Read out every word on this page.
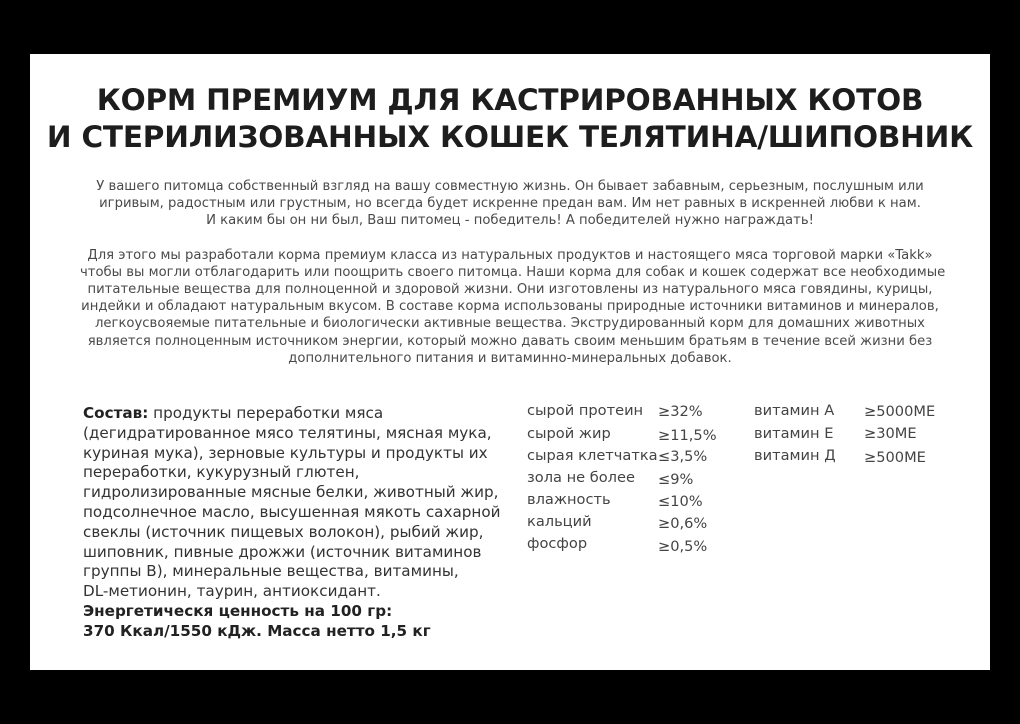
КОРМ ПРЕМИУМ ДЛЯ КАСТРИРОВАННЫХ КОТОВ
И СТЕРИЛИЗОВАННЫХ КОШЕК ТЕЛЯТИНА/ШИПОВНИК
У вашего питомца собственный взгляд на вашу совместную жизнь. Он бывает забавным, серьезным, послушным или
игривым, радостным или грустным, но всегда будет искренне предан вам. Им нет равных в искренней любви к нам.
И каким бы он ни был, Ваш питомец - победитель! А победителей нужно награждать!
Для этого мы разработали корма премиум класса из натуральных продуктов и настоящего мяса торговой марки «Takk»
чтобы вы могли отблагодарить или поощрить своего питомца. Наши корма для собак и кошек содержат все необходимые
питательные вещества для полноценной и здоровой жизни. Они изготовлены из натурального мяса говядины, курицы,
индейки и обладают натуральным вкусом. В составе корма использованы природные источники витаминов и минералов,
легкоусвояемые питательные и биологически активные вещества. Экструдированный корм для домашних животных
является полноценным источником энергии, который можно давать своим меньшим братьям в течение всей жизни без
дополнительного питания и витаминно-минеральных добавок.
Состав: продукты переработки мяса
(дегидратированное мясо телятины, мясная мука,
куриная мука), зерновые культуры и продукты их
переработки, кукурузный глютен,
гидролизированные мясные белки, животный жир,
подсолнечное масло, высушенная мякоть сахарной
свеклы (источник пищевых волокон), рыбий жир,
шиповник, пивные дрожжи (источник витаминов
группы В), минеральные вещества, витамины,
DL-метионин, таурин, антиоксидант.
Энергетическя ценность на 100 гр:
370 Ккал/1550 кДж. Масса нетто 1,5 кг
сырой протеин ≥32%
сырой жир	≥11,5%
сырая клетчатка ≤3,5%
зола не более ≤9%
влажность	≤10%
кальций	≥0,6%
фосфор	≥0,5%
витамин А ≥5000МЕ
витамин Е ≥30МЕ
витамин Д ≥500МЕ
